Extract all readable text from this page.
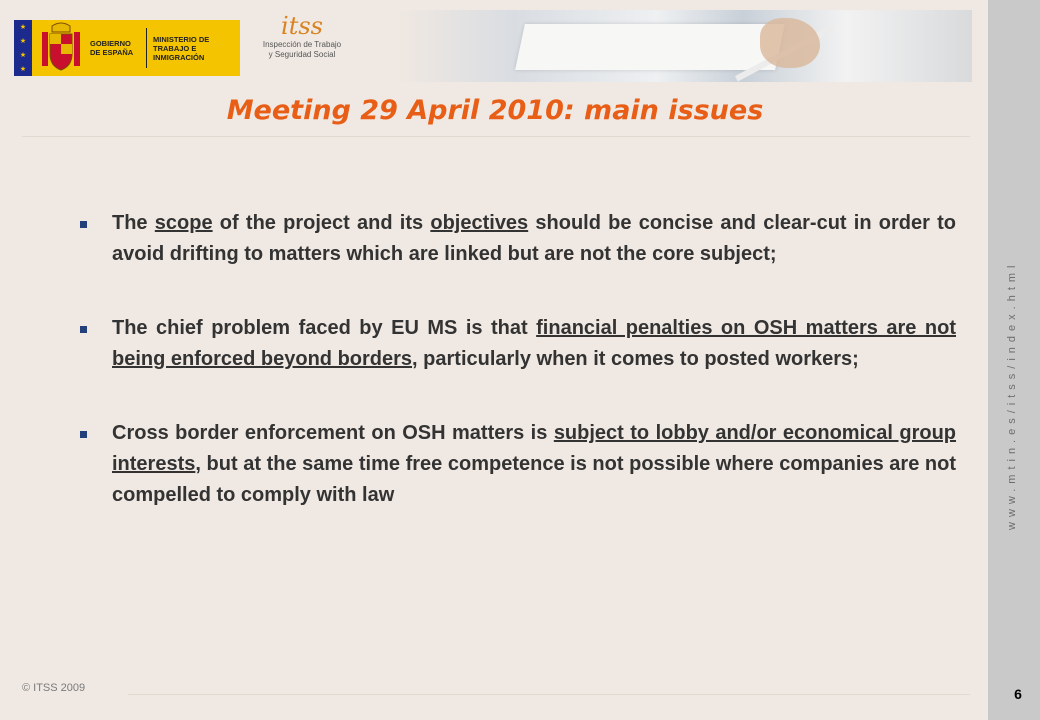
★
★
★
★
GOBIERNO DE ESPAÑA
MINISTERIO DE TRABAJO E INMIGRACIÓN
itss
Inspección de Trabajo y Seguridad Social
Meeting 29 April 2010: main issues
The scope of the project and its objectives should be concise and clear-cut in order to avoid drifting to matters which are linked but are not the core subject;
The chief problem faced by EU MS is that financial penalties on OSH matters are not being enforced beyond borders, particularly when it comes to posted workers;
Cross border enforcement on OSH matters is subject to lobby and/or economical group interests, but at the same time free competence is not possible where companies are not compelled to comply with law
© ITSS 2009
www.mtin.es/itss/index.html
6
